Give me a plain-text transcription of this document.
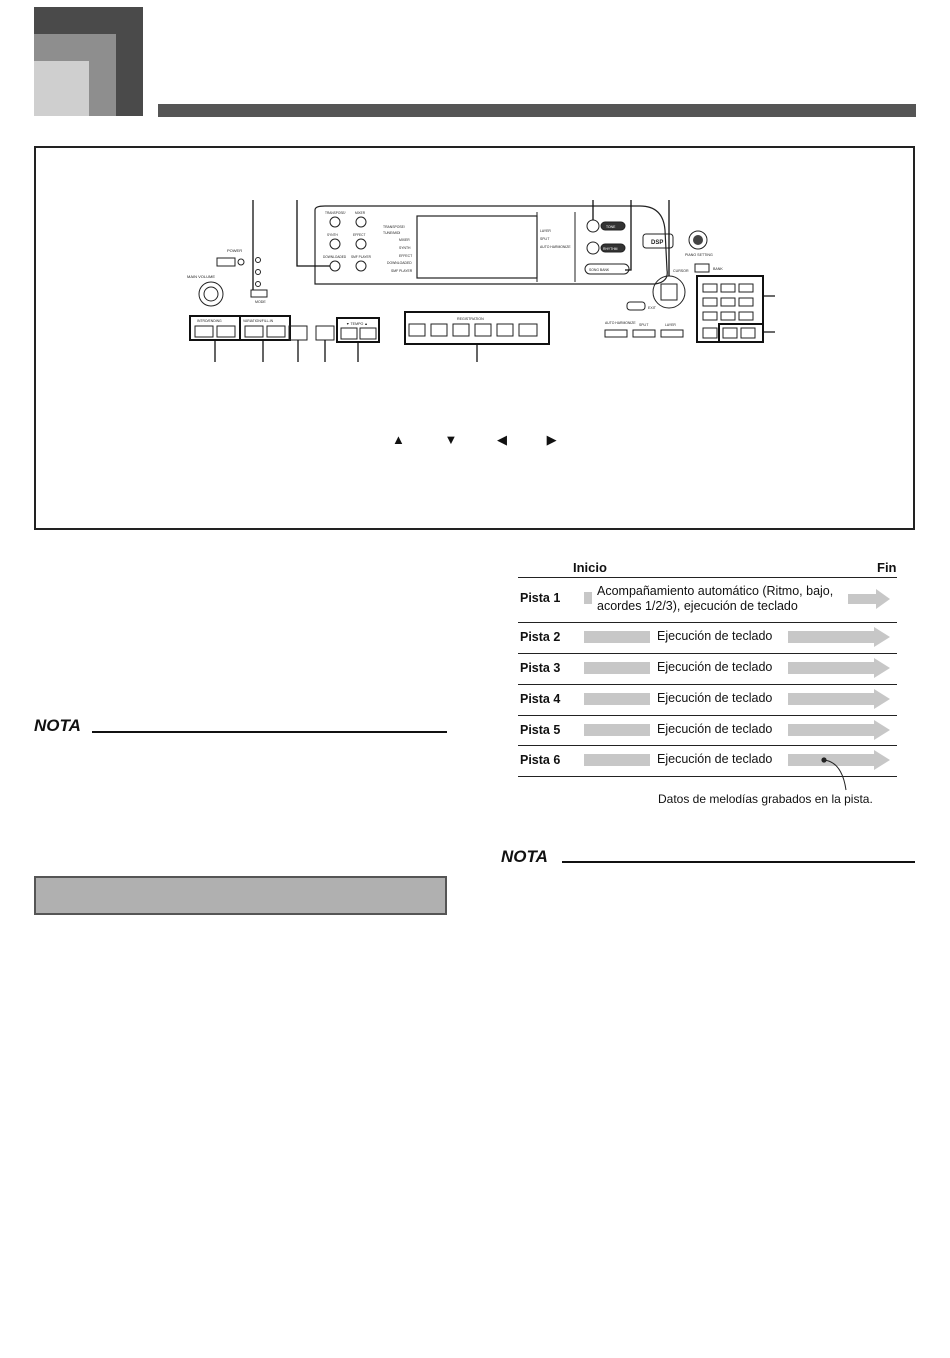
TRANSPOSE/
TUNE/MIDI
MIXER
SYNTH
EFFECT
DOWNLOADED
SMF PLAYER
LAYER
SPLIT
AUTO HARMONIZE
TRANSPOSE/	MIXER
SYNTH	EFFECT
DOWNLOADED SMF PLAYER
TONE
RHYTHM
SONG BANK
DSP
PIANO SETTING
CURSOR	BANK
EXIT
POWER
MAIN VOLUME
MODE
INTRO/ENDING	VARIATION/FILL-IN
▼ TEMPO ▲
REGISTRATION
AUTO HARMONIZE SPLIT	LAYER
▲ ▼ ◀ ▶
Inicio	Fin
Pista 1	Acompañamiento automático (Ritmo, bajo, acordes 1/2/3), ejecución de teclado
Pista 2	Ejecución de teclado
Pista 3	Ejecución de teclado
Pista 4	Ejecución de teclado
Pista 5	Ejecución de teclado
Pista 6	Ejecución de teclado
Datos de melodías grabados en la pista.
NOTA
NOTA
